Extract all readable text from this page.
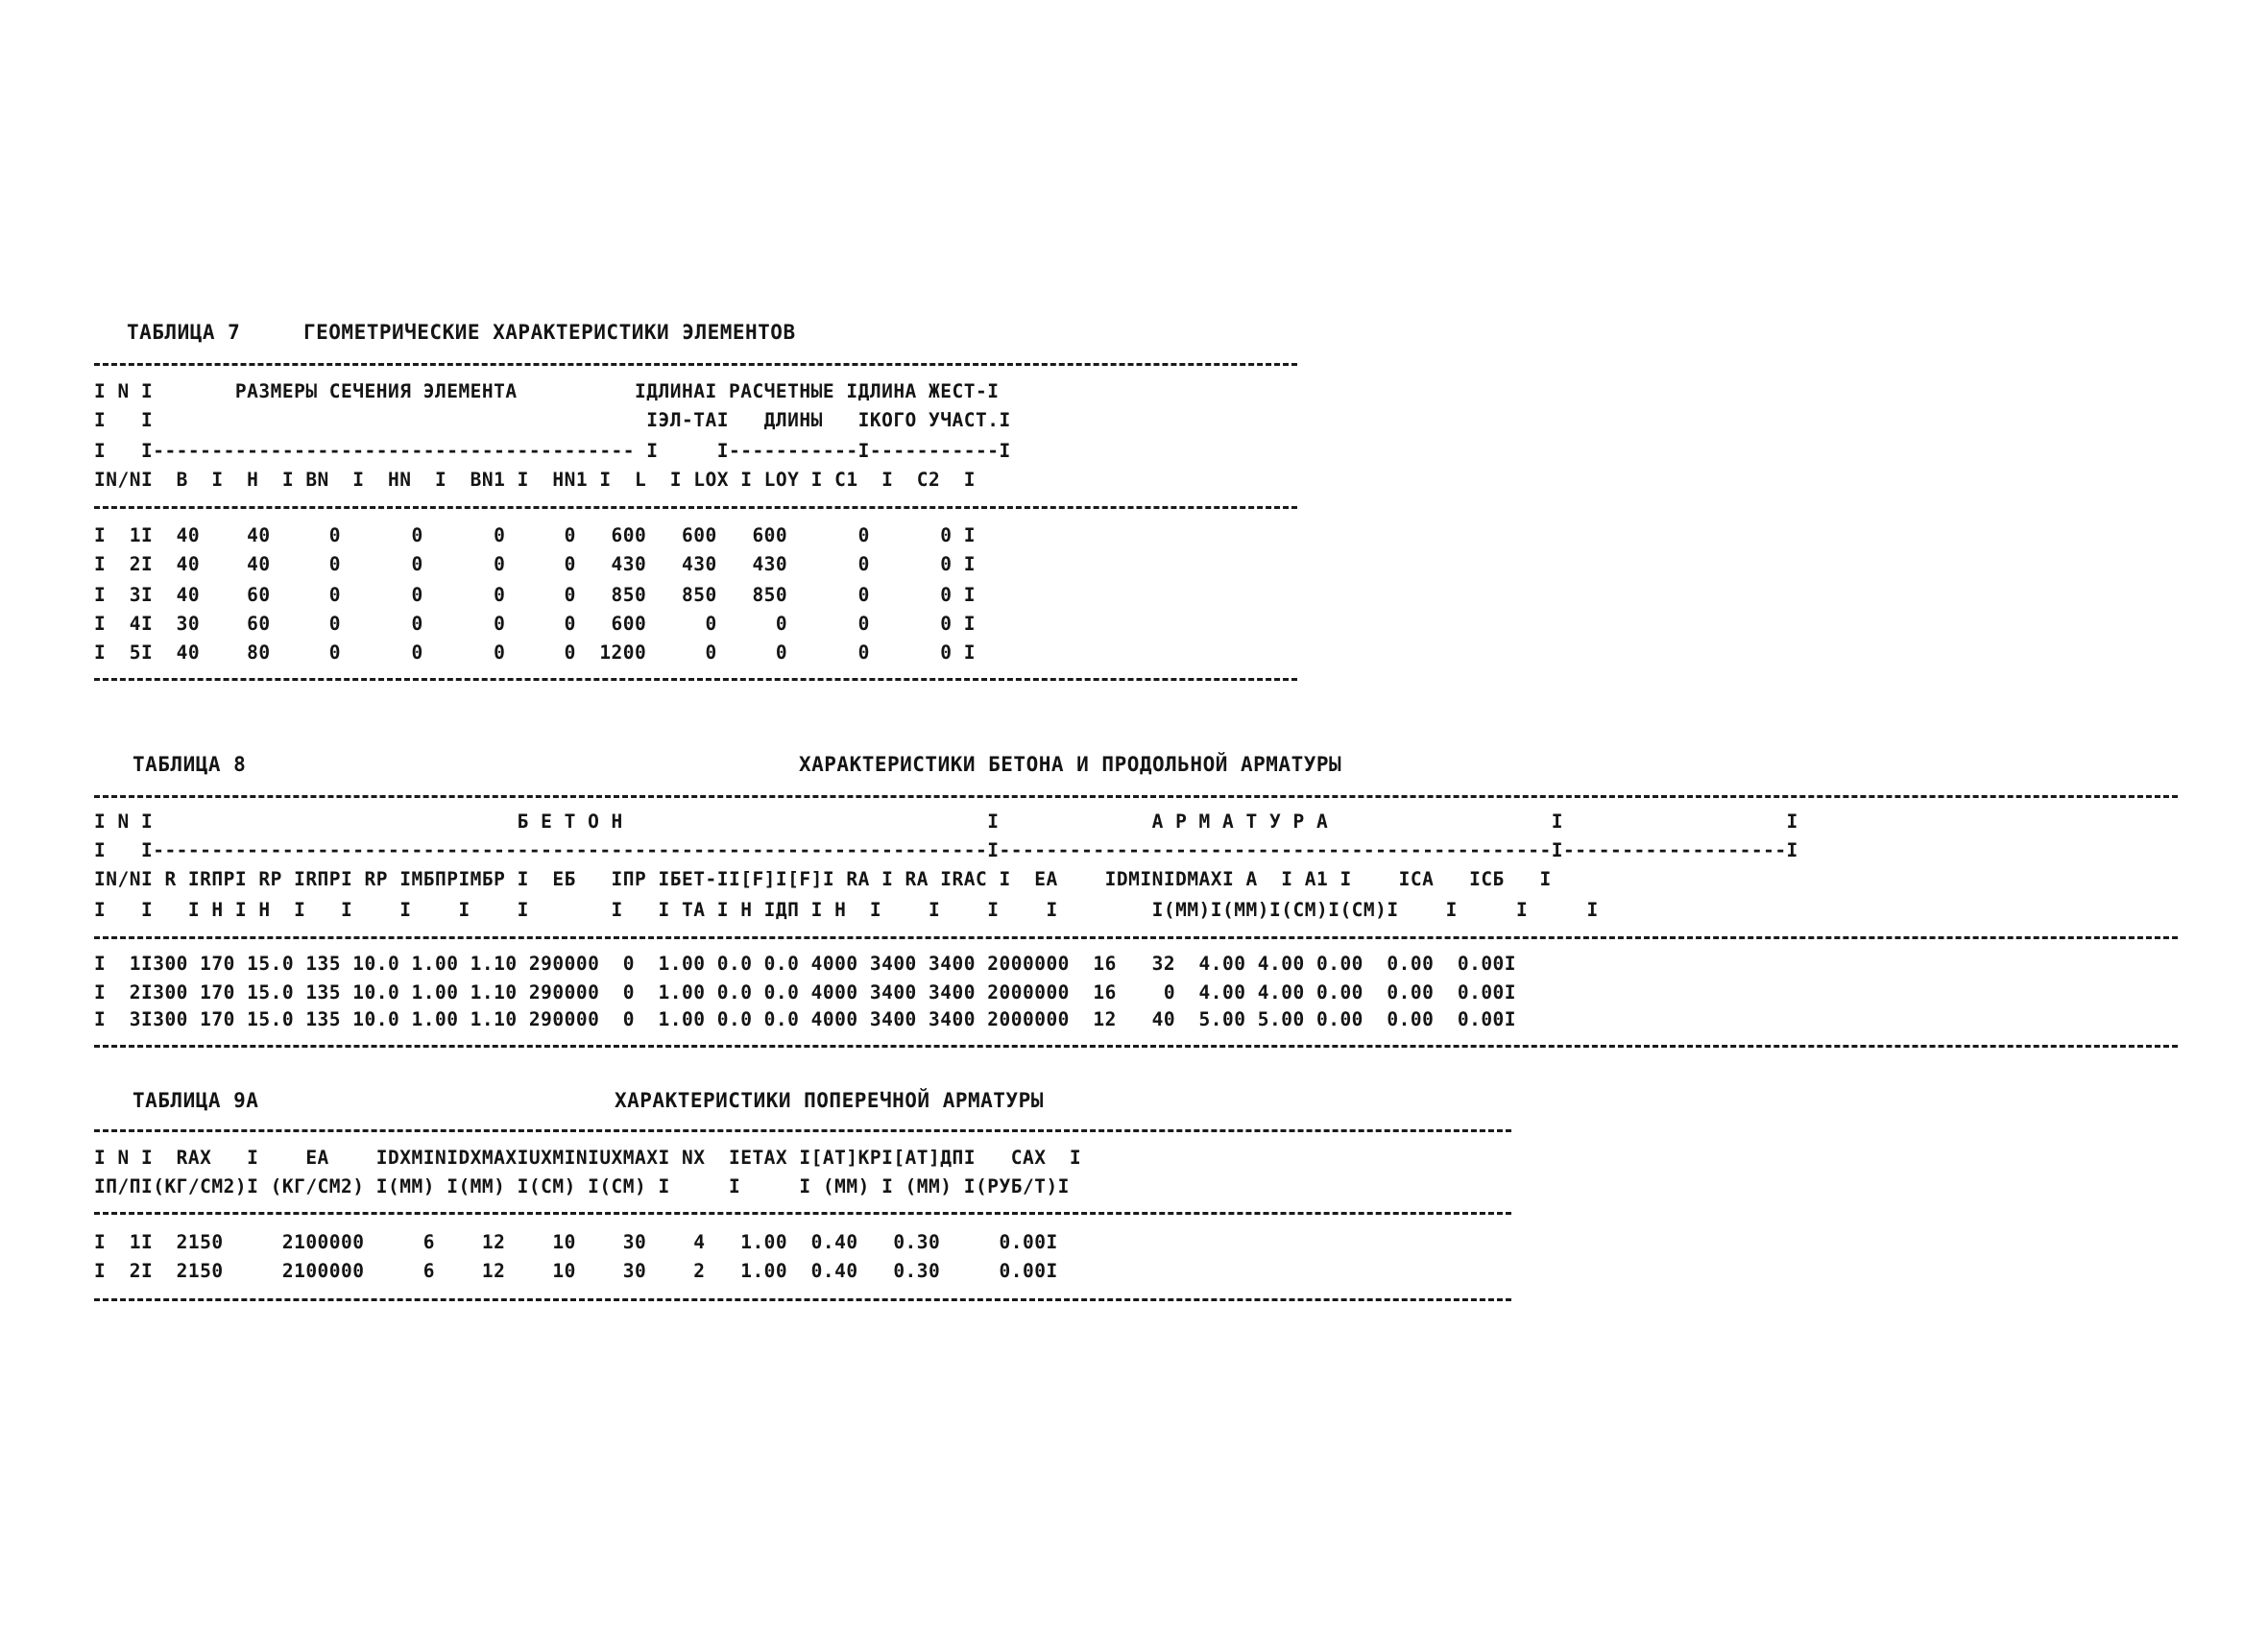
ТАБЛИЦА 7     ГЕОМЕТРИЧЕСКИЕ ХАРАКТЕРИСТИКИ ЭЛЕМЕНТОВ
I N I       РАЗМЕРЫ СЕЧЕНИЯ ЭЛЕМЕНТА          IДЛИНАI РАСЧЕТНЫЕ IДЛИНА ЖЕСТ-I
I   I                                          IЭЛ-ТАI   ДЛИНЫ   IКОГО УЧАСТ.I
I   I----------------------------------------- I     I-----------I-----------I
IN/NI  B  I  H  I BN  I  HN  I  BN1 I  HN1 I  L  I LOX I LOY I C1  I  C2  I
I  1I  40    40     0      0      0     0   600   600   600      0      0 I
I  2I  40    40     0      0      0     0   430   430   430      0      0 I
I  3I  40    60     0      0      0     0   850   850   850      0      0 I
I  4I  30    60     0      0      0     0   600     0     0      0      0 I
I  5I  40    80     0      0      0     0  1200     0     0      0      0 I
ТАБЛИЦА 8	ХАРАКТЕРИСТИКИ БЕТОНА И ПРОДОЛЬНОЙ АРМАТУРЫ
I N I                               Б Е Т О Н                               I             А Р М А Т У Р А                   I                   I
I   I-----------------------------------------------------------------------I-----------------------------------------------I-------------------I
IN/NI R IRПРI RP IRПРI RP IМБПРIМБР I  EБ   IПР IБЕТ-II[F]I[F]I RA I RA IRAC I  EA    IDMINIDMAXI A  I A1 I    IСА   IСБ   I
I   I   I H I H  I   I    I    I    I       I   I TA I H IДП I H  I    I    I    I        I(MM)I(MM)I(CM)I(CM)I    I     I     I
I  1I300 170 15.0 135 10.0 1.00 1.10 290000  0  1.00 0.0 0.0 4000 3400 3400 2000000  16   32  4.00 4.00 0.00  0.00  0.00I
I  2I300 170 15.0 135 10.0 1.00 1.10 290000  0  1.00 0.0 0.0 4000 3400 3400 2000000  16    0  4.00 4.00 0.00  0.00  0.00I
I  3I300 170 15.0 135 10.0 1.00 1.10 290000  0  1.00 0.0 0.0 4000 3400 3400 2000000  12   40  5.00 5.00 0.00  0.00  0.00I
ТАБЛИЦА 9А	ХАРАКТЕРИСТИКИ ПОПЕРЕЧНОЙ АРМАТУРЫ
I N I  RAX   I    EA    IDXMINIDXMAXIUXMINIUXMAXI NX  IETAX I[AT]KPI[AT]ДПI   CAX  I
IП/ПI(КГ/СМ2)I (КГ/СМ2) I(MM) I(MM) I(CM) I(CM) I     I     I (MM) I (MM) I(РУБ/Т)I
I  1I  2150     2100000     6    12    10    30    4   1.00  0.40   0.30     0.00I
I  2I  2150     2100000     6    12    10    30    2   1.00  0.40   0.30     0.00I
